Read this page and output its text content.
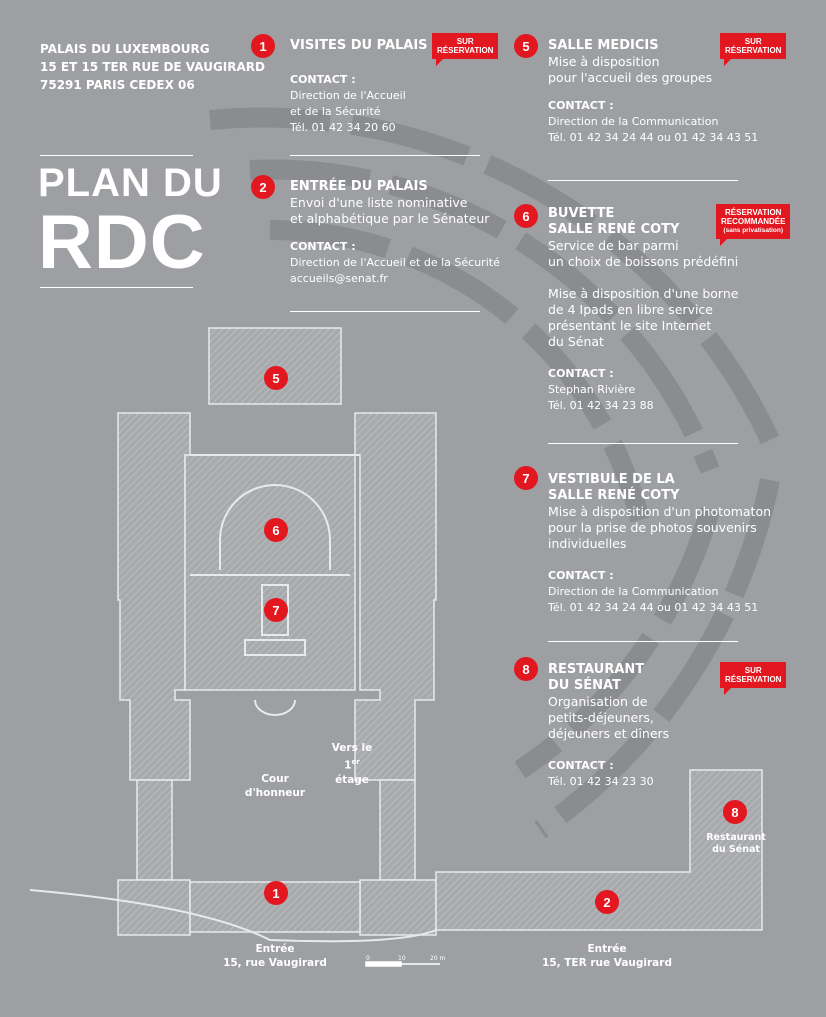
PALAIS DU LUXEMBOURG
15 ET 15 TER RUE DE VAUGIRARD
75291 PARIS CEDEX 06
PLAN DU
RDC
1	VISITES DU PALAIS
CONTACT :
Direction de l'Accueil
et de la Sécurité
Tél. 01 42 34 20 60
SUR
RÉSERVATION
2	ENTRÉE DU PALAIS
Envoi d'une liste nominative
et alphabétique par le Sénateur
CONTACT :
Direction de l'Accueil et de la Sécurité
accueils@senat.fr
5	SALLE MEDICIS
Mise à disposition
pour l'accueil des groupes
CONTACT :
Direction de la Communication
Tél. 01 42 34 24 44 ou 01 42 34 43 51
SUR
RÉSERVATION
6	BUVETTE
SALLE RENÉ COTY
Service de bar parmi
un choix de boissons prédéfini
Mise à disposition d'une borne
de 4 Ipads en libre service
présentant le site Internet
du Sénat
CONTACT :
Stephan Rivière
Tél. 01 42 34 23 88
RÉSERVATION
RECOMMANDÉE
(sans privatisation)
7	VESTIBULE DE LA
SALLE RENÉ COTY
Mise à disposition d'un photomaton
pour la prise de photos souvenirs
individuelles
CONTACT :
Direction de la Communication
Tél. 01 42 34 24 44 ou 01 42 34 43 51
8	RESTAURANT
DU SÉNAT
Organisation de
petits-déjeuners,
déjeuners et dîners
CONTACT :
Tél. 01 42 34 23 30
SUR
RÉSERVATION
5
6
7
1
2
8
Vers le
1er étage
Cour
d'honneur
Restaurant
du Sénat
Entrée
15, rue Vaugirard
Entrée
15, TER rue Vaugirard
0	10	20 m
